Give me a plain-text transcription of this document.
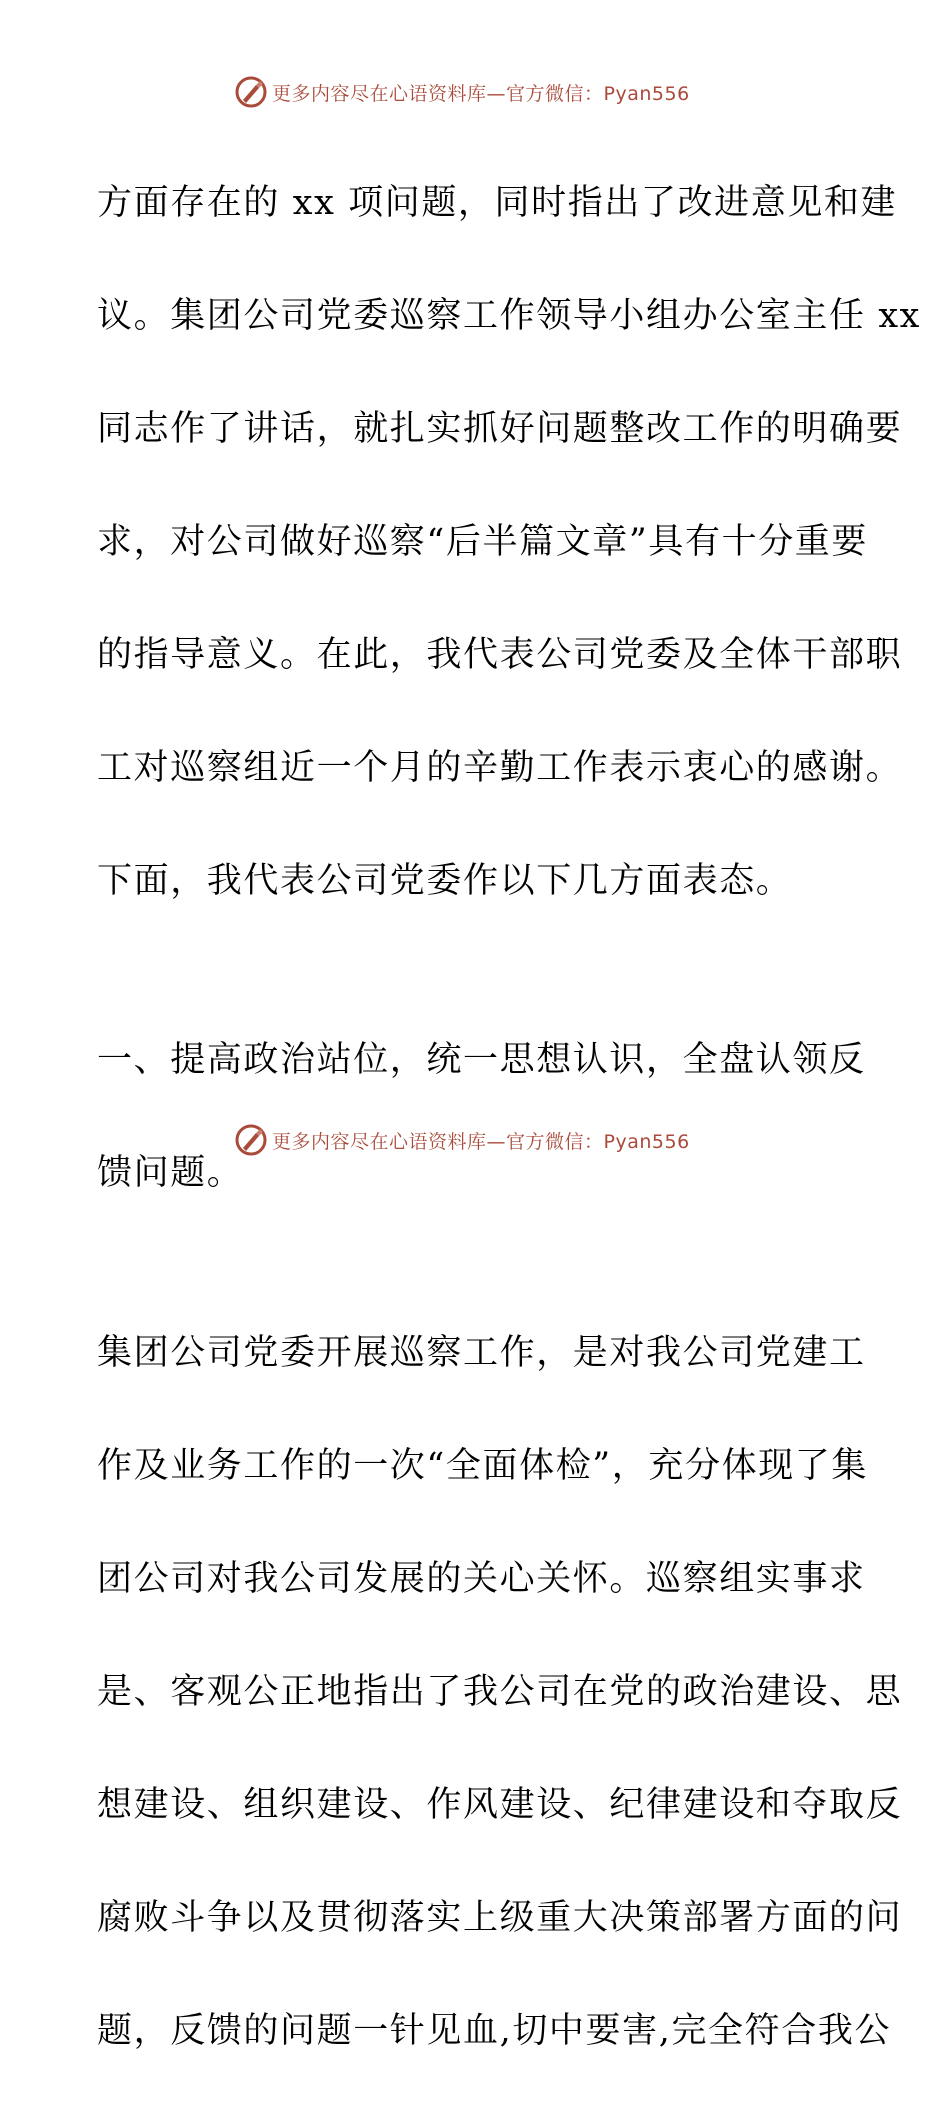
更多内容尽在心语资料库—官方微信：Pyan556

方面存在的 xx 项问题，同时指出了改进意见和建

议。集团公司党委巡察工作领导小组办公室主任 xx

同志作了讲话，就扎实抓好问题整改工作的明确要

求，对公司做好巡察“后半篇文章”具有十分重要

的指导意义。在此，我代表公司党委及全体干部职

工对巡察组近一个月的辛勤工作表示衷心的感谢。

下面，我代表公司党委作以下几方面表态。

一、提高政治站位，统一思想认识，全盘认领反

馈问题。

集团公司党委开展巡察工作，是对我公司党建工

作及业务工作的一次“全面体检”，充分体现了集

团公司对我公司发展的关心关怀。巡察组实事求

是、客观公正地指出了我公司在党的政治建设、思

想建设、组织建设、作风建设、纪律建设和夺取反

腐败斗争以及贯彻落实上级重大决策部署方面的问

题，反馈的问题一针见血,切中要害,完全符合我公

更多内容尽在心语资料库—官方微信：Pyan556
